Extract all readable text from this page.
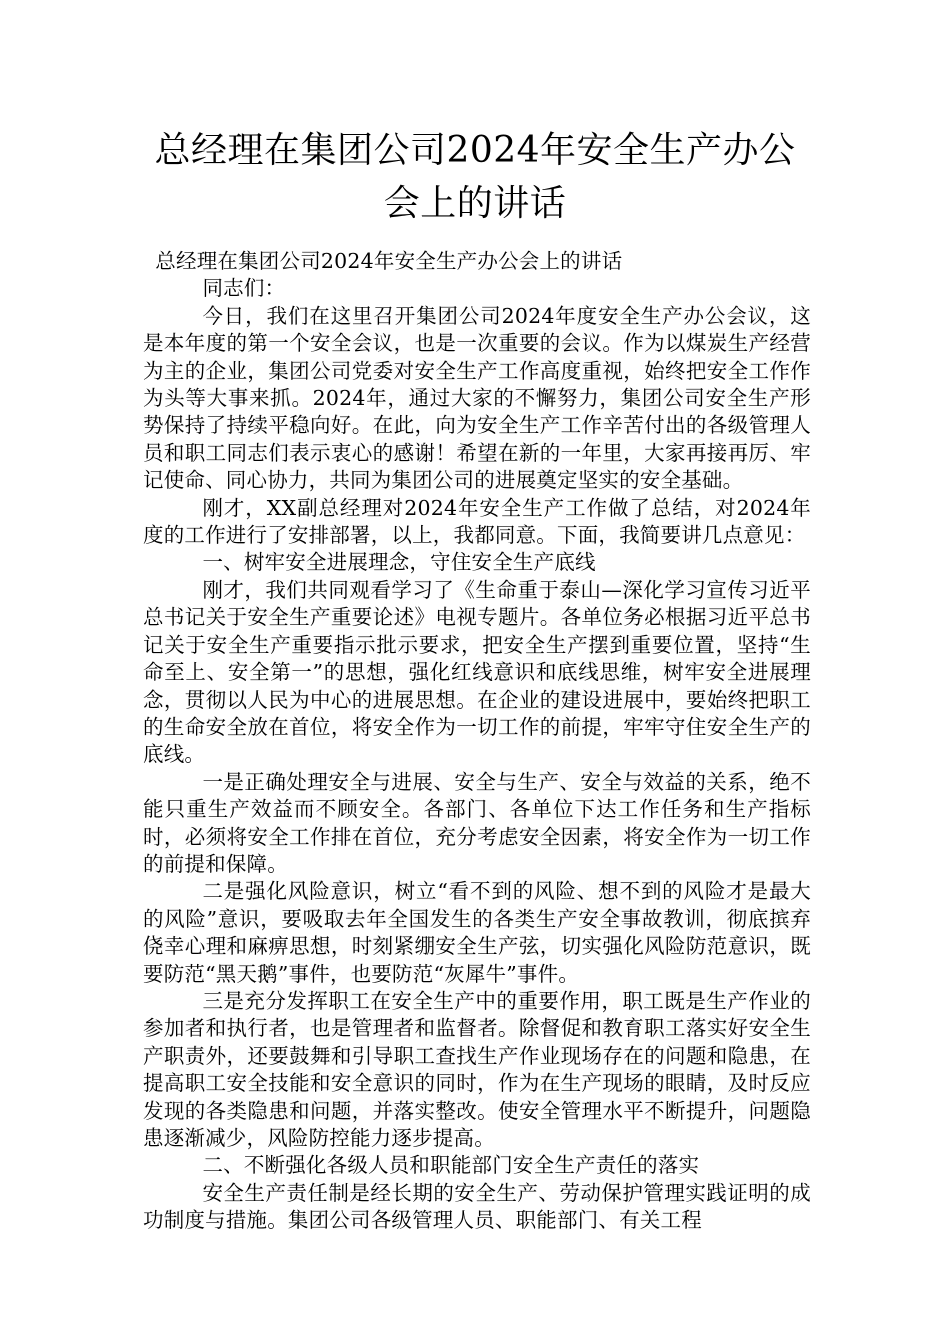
总经理在集团公司2024年安全生产办公会上的讲话

总经理在集团公司2024年安全生产办公会上的讲话

同志们：

今日，我们在这里召开集团公司2024年度安全生产办公会议，这是本年度的第一个安全会议，也是一次重要的会议。作为以煤炭生产经营为主的企业，集团公司党委对安全生产工作高度重视，始终把安全工作作为头等大事来抓。2024年，通过大家的不懈努力，集团公司安全生产形势保持了持续平稳向好。在此，向为安全生产工作辛苦付出的各级管理人员和职工同志们表示衷心的感谢！希望在新的一年里，大家再接再厉、牢记使命、同心协力，共同为集团公司的进展奠定坚实的安全基础。

刚才，XX副总经理对2024年安全生产工作做了总结，对2024年度的工作进行了安排部署，以上，我都同意。下面，我简要讲几点意见：

一、树牢安全进展理念，守住安全生产底线

刚才，我们共同观看学习了《生命重于泰山—深化学习宣传习近平总书记关于安全生产重要论述》电视专题片。各单位务必根据习近平总书记关于安全生产重要指示批示要求，把安全生产摆到重要位置，坚持“生命至上、安全第一”的思想，强化红线意识和底线思维，树牢安全进展理念，贯彻以人民为中心的进展思想。在企业的建设进展中，要始终把职工的生命安全放在首位，将安全作为一切工作的前提，牢牢守住安全生产的底线。

一是正确处理安全与进展、安全与生产、安全与效益的关系，绝不能只重生产效益而不顾安全。各部门、各单位下达工作任务和生产指标时，必须将安全工作排在首位，充分考虑安全因素，将安全作为一切工作的前提和保障。

二是强化风险意识，树立“看不到的风险、想不到的风险才是最大的风险”意识，要吸取去年全国发生的各类生产安全事故教训，彻底摈弃侥幸心理和麻痹思想，时刻紧绷安全生产弦，切实强化风险防范意识，既要防范“黑天鹅”事件，也要防范“灰犀牛”事件。

三是充分发挥职工在安全生产中的重要作用，职工既是生产作业的参加者和执行者，也是管理者和监督者。除督促和教育职工落实好安全生产职责外，还要鼓舞和引导职工查找生产作业现场存在的问题和隐患，在提高职工安全技能和安全意识的同时，作为在生产现场的眼睛，及时反应发现的各类隐患和问题，并落实整改。使安全管理水平不断提升，问题隐患逐渐减少，风险防控能力逐步提高。

二、不断强化各级人员和职能部门安全生产责任的落实

安全生产责任制是经长期的安全生产、劳动保护管理实践证明的成功制度与措施。集团公司各级管理人员、职能部门、有关工程
